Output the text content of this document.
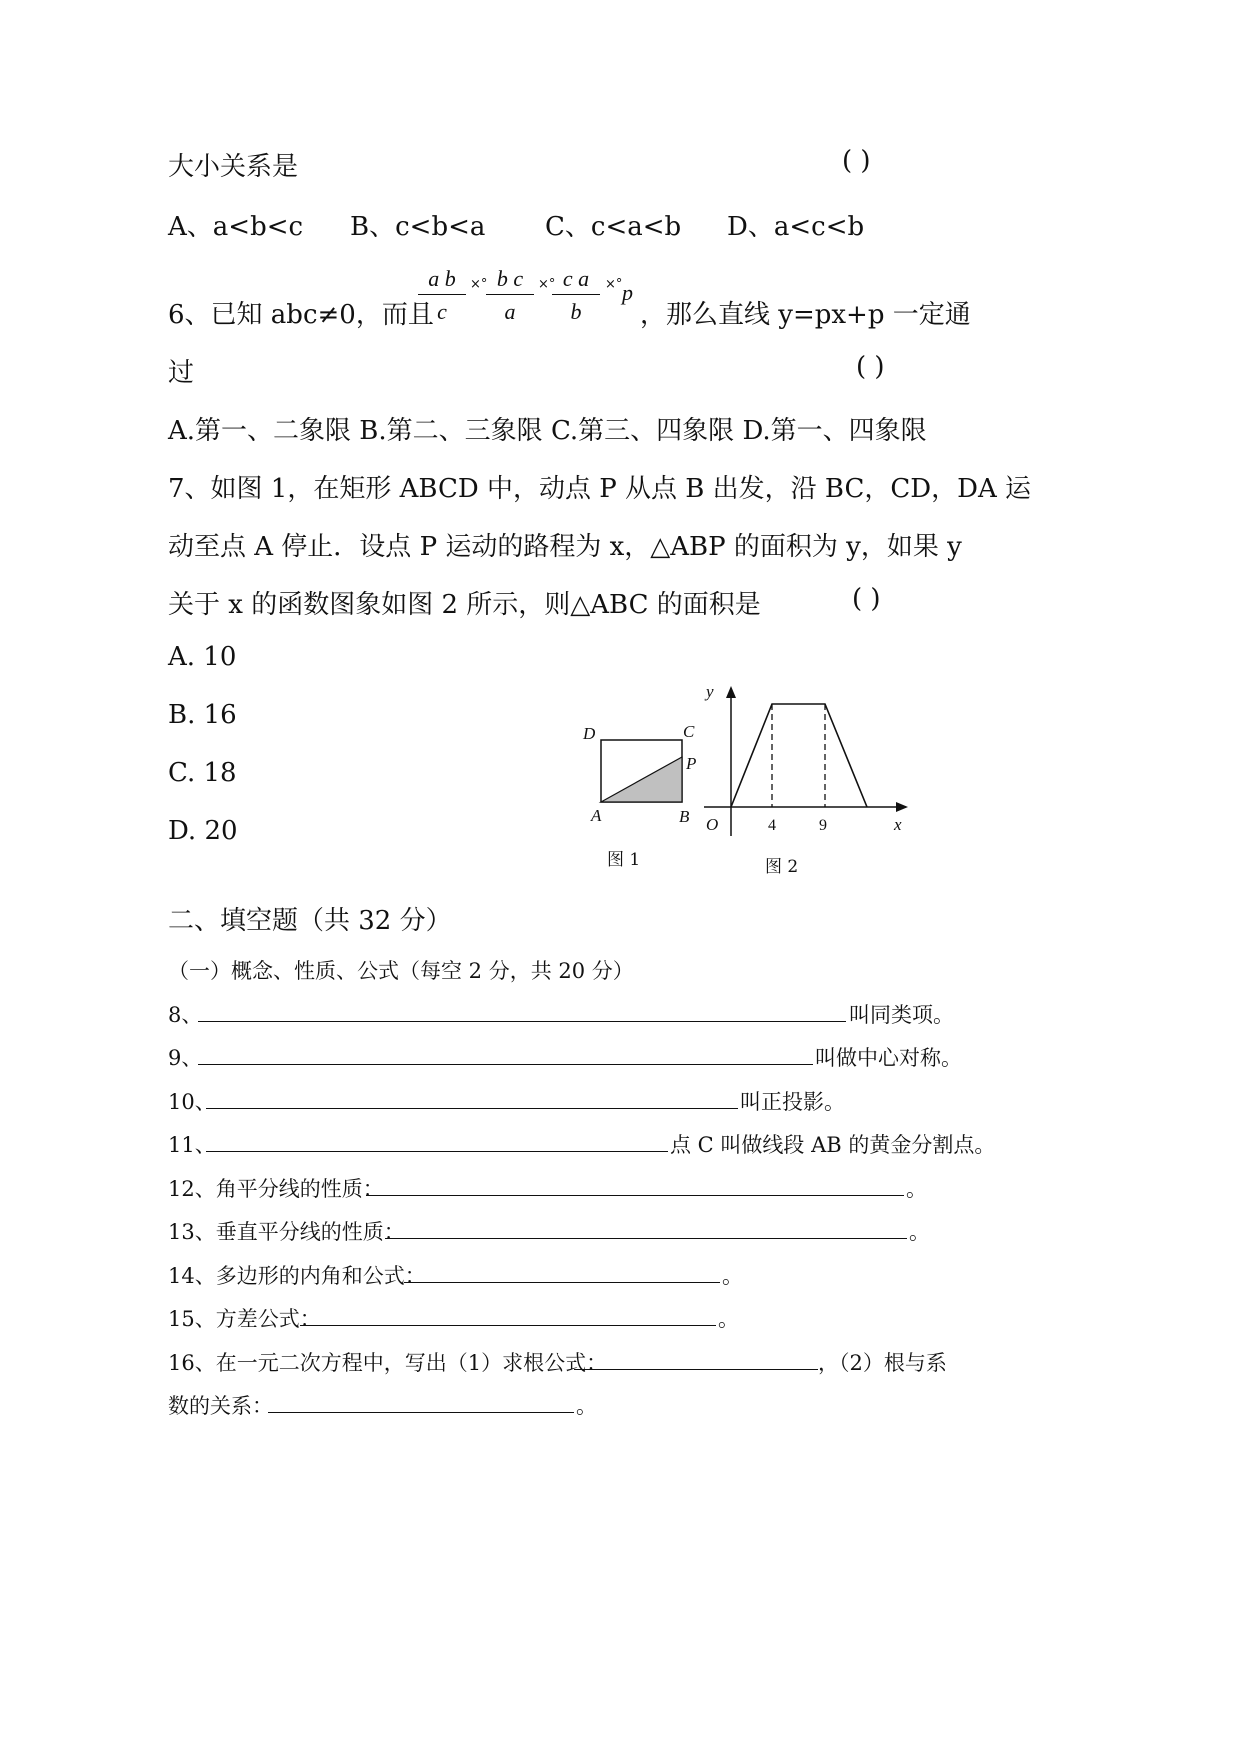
大小关系是	( )
A、a<b<c B、c<b<a C、c<a<b D、a<c<b
6、已知 abc≠0，而且
a b
c
×° b c
a
×° c a
b
×° p
，那么直线 y=px+p 一定通
过	( )
A.第一、二象限 B.第二、三象限 C.第三、四象限 D.第一、四象限
7、如图 1，在矩形 ABCD 中，动点 P 从点 B 出发，沿 BC，CD，DA 运
动至点 A 停止．设点 P 运动的路程为 x，△ABP 的面积为 y，如果 y
关于 x 的函数图象如图 2 所示，则△ABC 的面积是	( )
A. 10
B. 16
C. 18
D. 20
D	C
P
A	B
图 1
y
O	4	9	x
图 2
二、填空题（共 32 分）
（一）概念、性质、公式（每空 2 分，共 20 分）
8、	叫同类项。
9、	叫做中心对称。
10、	叫正投影。
11、	点 C 叫做线段 AB 的黄金分割点。
12、角平分线的性质：	。
13、垂直平分线的性质：	。
14、多边形的内角和公式：	。
15、方差公式：	。
16、在一元二次方程中，写出（1）求根公式：	，（2）根与系
数的关系：	。
